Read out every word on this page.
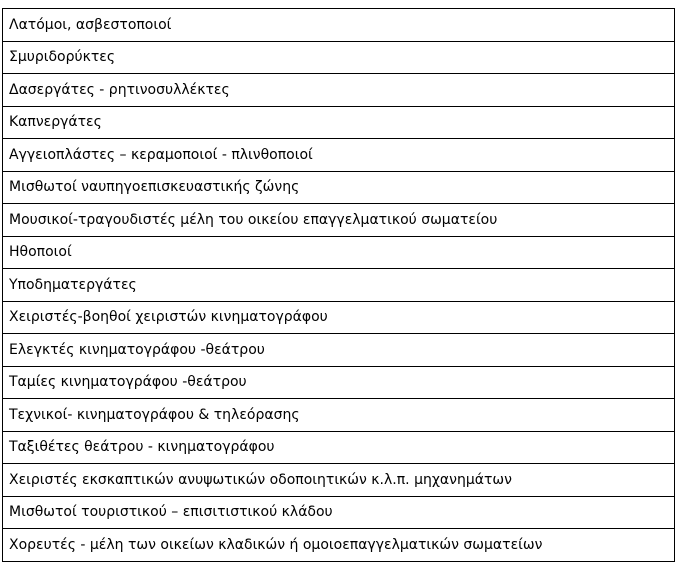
Λατόμοι, ασβεστοποιοί
Σμυριδορύκτες
Δασεργάτες - ρητινοσυλλέκτες
Καπνεργάτες
Αγγειοπλάστες – κεραμοποιοί - πλινθοποιοί
Μισθωτοί ναυπηγοεπισκευαστικής ζώνης
Μουσικοί-τραγουδιστές μέλη του οικείου επαγγελματικού σωματείου
Ηθοποιοί
Υποδηματεργάτες
Χειριστές-βοηθοί χειριστών κινηματογράφου
Ελεγκτές κινηματογράφου -θεάτρου
Ταμίες κινηματογράφου -θεάτρου
Τεχνικοί- κινηματογράφου & τηλεόρασης
Ταξιθέτες θεάτρου - κινηματογράφου
Χειριστές εκσκαπτικών ανυψωτικών οδοποιητικών κ.λ.π. μηχανημάτων
Μισθωτοί τουριστικού – επισιτιστικού κλάδου
Χορευτές - μέλη των οικείων κλαδικών ή ομοιοεπαγγελματικών σωματείων
